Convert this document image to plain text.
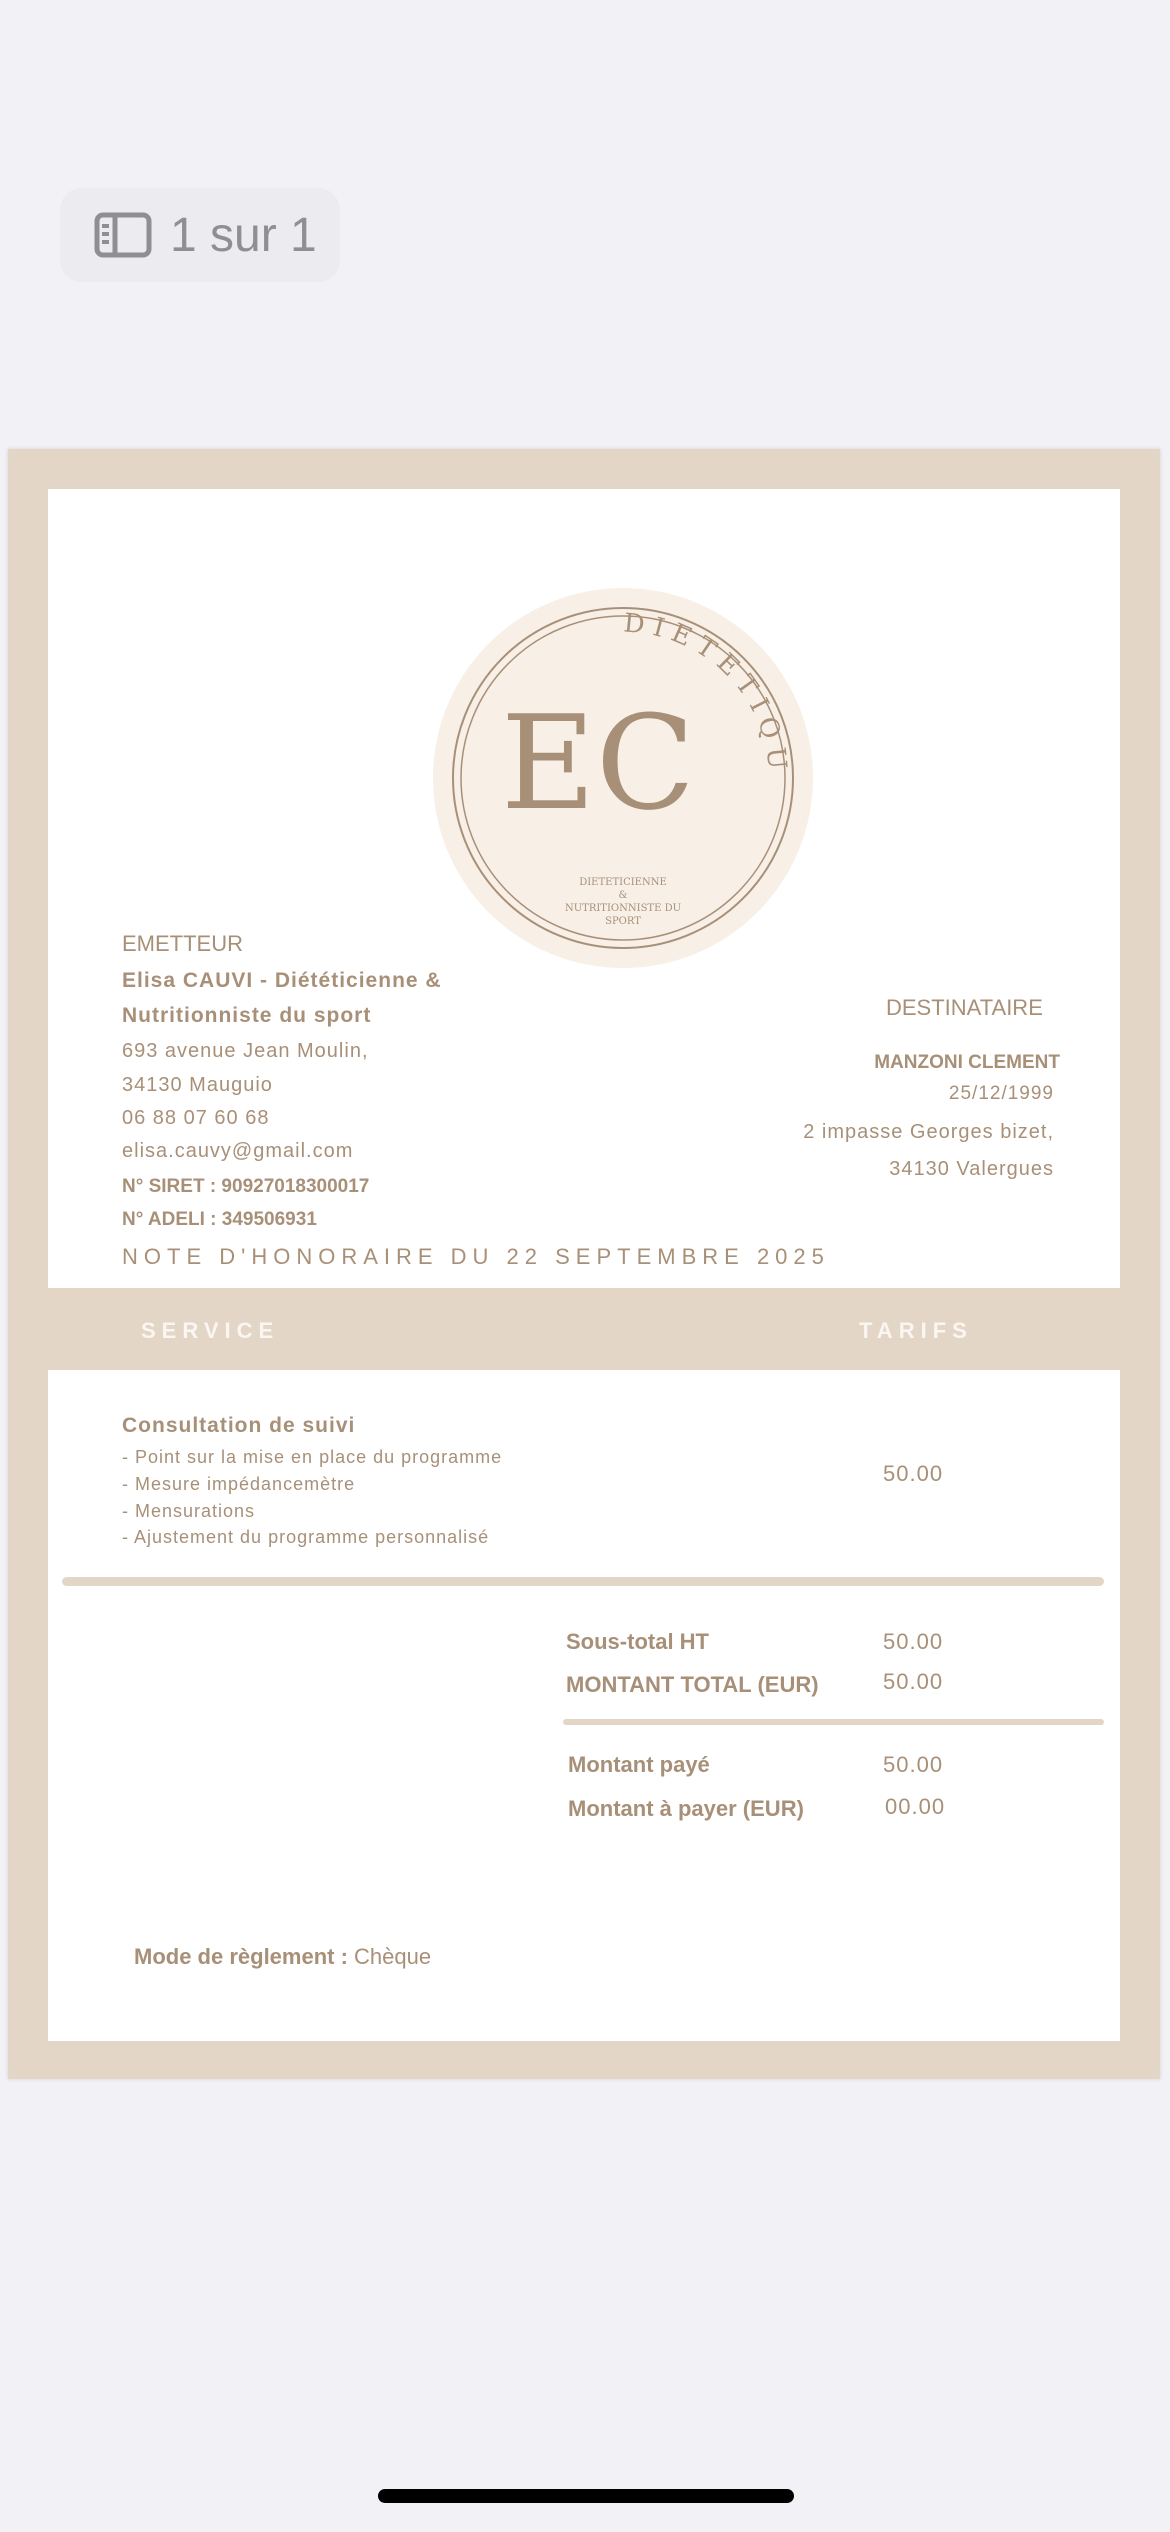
1 sur 1
DIETETIQU
EC
DIETETICIENNE
&
NUTRITIONNISTE DU
SPORT
EMETTEUR
Elisa CAUVI - Diététicienne &
Nutritionniste du sport
693 avenue Jean Moulin,
34130 Mauguio
06 88 07 60 68
elisa.cauvy@gmail.com
N° SIRET : 90927018300017
N° ADELI : 349506931
DESTINATAIRE
MANZONI CLEMENT
25/12/1999
2 impasse Georges bizet,
34130 Valergues
NOTE D'HONORAIRE DU 22 SEPTEMBRE 2025
SERVICE	TARIFS
Consultation de suivi
- Point sur la mise en place du programme
- Mesure impédancemètre
- Mensurations
- Ajustement du programme personnalisé
50.00
Sous-total HT	50.00
MONTANT TOTAL (EUR)	50.00
Montant payé	50.00
Montant à payer (EUR)	00.00
Mode de règlement : Chèque
